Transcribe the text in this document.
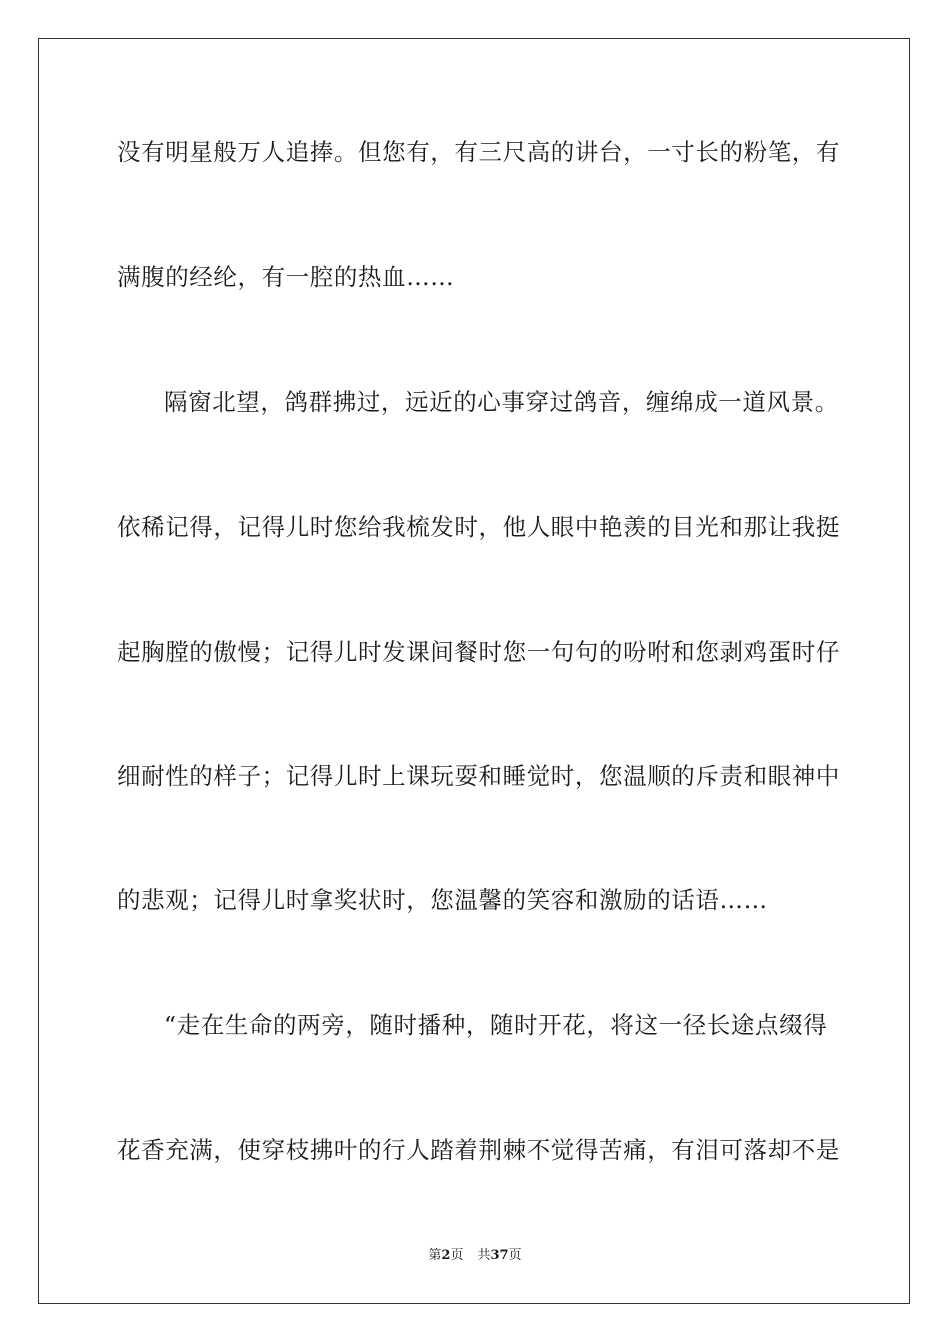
没有明星般万人追捧。但您有，有三尺高的讲台，一寸长的粉笔，有
满腹的经纶，有一腔的热血……
隔窗北望，鸽群拂过，远近的心事穿过鸽音，缠绵成一道风景。
依稀记得，记得儿时您给我梳发时，他人眼中艳羡的目光和那让我挺
起胸膛的傲慢；记得儿时发课间餐时您一句句的吩咐和您剥鸡蛋时仔
细耐性的样子；记得儿时上课玩耍和睡觉时，您温顺的斥责和眼神中
的悲观；记得儿时拿奖状时，您温馨的笑容和激励的话语……
“走在生命的两旁，随时播种，随时开花，将这一径长途点缀得
花香充满，使穿枝拂叶的行人踏着荆棘不觉得苦痛，有泪可落却不是
第2页 共37页
